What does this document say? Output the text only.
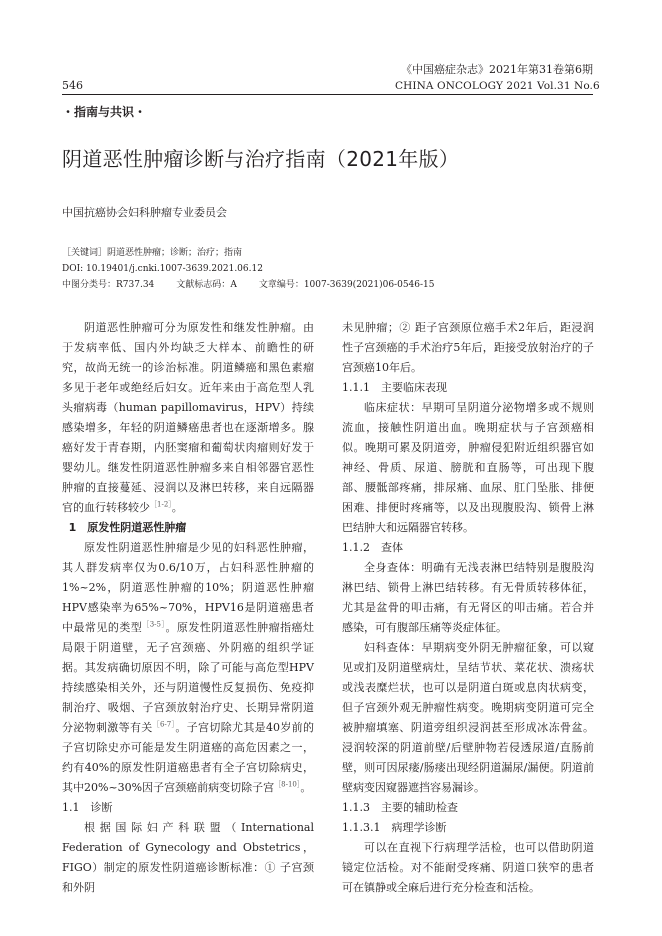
《中国癌症杂志》2021年第31卷第6期
546	CHINA ONCOLOGY 2021 Vol.31 No.6
・指南与共识・
阴道恶性肿瘤诊断与治疗指南（2021年版）
中国抗癌协会妇科肿瘤专业委员会
［关键词］阴道恶性肿瘤；诊断；治疗；指南
DOI: 10.19401/j.cnki.1007-3639.2021.06.12
中图分类号：R737.34 文献标志码：A 文章编号：1007-3639(2021)06-0546-15

阴道恶性肿瘤可分为原发性和继发性肿瘤。由于发病率低、国内外均缺乏大样本、前瞻性的研究，故尚无统一的诊治标准。阴道鳞癌和黑色素瘤多见于老年或绝经后妇女。近年来由于高危型人乳头瘤病毒（human papillomavirus，HPV）持续感染增多，年轻的阴道鳞癌患者也在逐渐增多。腺癌好发于青春期，内胚窦瘤和葡萄状肉瘤则好发于婴幼儿。继发性阴道恶性肿瘤多来自相邻器官恶性肿瘤的直接蔓延、浸润以及淋巴转移，来自远隔器官的血行转移较少$^{[1-2]}$。

1　原发性阴道恶性肿瘤

原发性阴道恶性肿瘤是少见的妇科恶性肿瘤，其人群发病率仅为0.6/10万，占妇科恶性肿瘤的1%~2%，阴道恶性肿瘤的10%；阴道恶性肿瘤HPV感染率为65%~70%，HPV16是阴道癌患者中最常见的类型$^{[3-5]}$。原发性阴道恶性肿瘤指癌灶局限于阴道壁，无子宫颈癌、外阴癌的组织学证据。其发病确切原因不明，除了可能与高危型HPV持续感染相关外，还与阴道慢性反复损伤、免疫抑制治疗、吸烟、子宫颈放射治疗史、长期异常阴道分泌物刺激等有关$^{[6-7]}$。子宫切除尤其是40岁前的子宫切除史亦可能是发生阴道癌的高危因素之一，约有40%的原发性阴道癌患者有全子宫切除病史，其中20%~30%因子宫颈癌前病变切除子宫$^{[8-10]}$。

1.1　诊断

根据国际妇产科联盟（International Federation of Gynecology and Obstetrics，FIGO）制定的原发性阴道癌诊断标准：① 子宫颈和外阴

未见肿瘤；② 距子宫颈原位癌手术2年后，距浸润性子宫颈癌的手术治疗5年后，距接受放射治疗的子宫颈癌10年后。

1.1.1　主要临床表现

临床症状：早期可呈阴道分泌物增多或不规则流血，接触性阴道出血。晚期症状与子宫颈癌相似。晚期可累及阴道旁，肿瘤侵犯附近组织器官如神经、骨质、尿道、膀胱和直肠等，可出现下腹部、腰骶部疼痛，排尿痛、血尿、肛门坠胀、排便困难、排便时疼痛等，以及出现腹股沟、锁骨上淋巴结肿大和远隔器官转移。

1.1.2　查体

全身查体：明确有无浅表淋巴结特别是腹股沟淋巴结、锁骨上淋巴结转移。有无骨质转移体征，尤其是盆骨的叩击痛，有无肾区的叩击痛。若合并感染，可有腹部压痛等炎症体征。

妇科查体：早期病变外阴无肿瘤征象，可以窥见或扪及阴道壁病灶，呈结节状、菜花状、溃疡状或浅表糜烂状，也可以是阴道白斑或息肉状病变，但子宫颈外观无肿瘤性病变。晚期病变阴道可完全被肿瘤填塞、阴道旁组织浸润甚至形成冰冻骨盆。浸润较深的阴道前壁/后壁肿物若侵透尿道/直肠前壁，则可因尿瘘/肠瘘出现经阴道漏尿/漏便。阴道前壁病变因窥器遮挡容易漏诊。

1.1.3　主要的辅助检查

1.1.3.1　病理学诊断

可以在直视下行病理学活检，也可以借助阴道镜定位活检。对不能耐受疼痛、阴道口狭窄的患者可在镇静或全麻后进行充分检查和活检。
